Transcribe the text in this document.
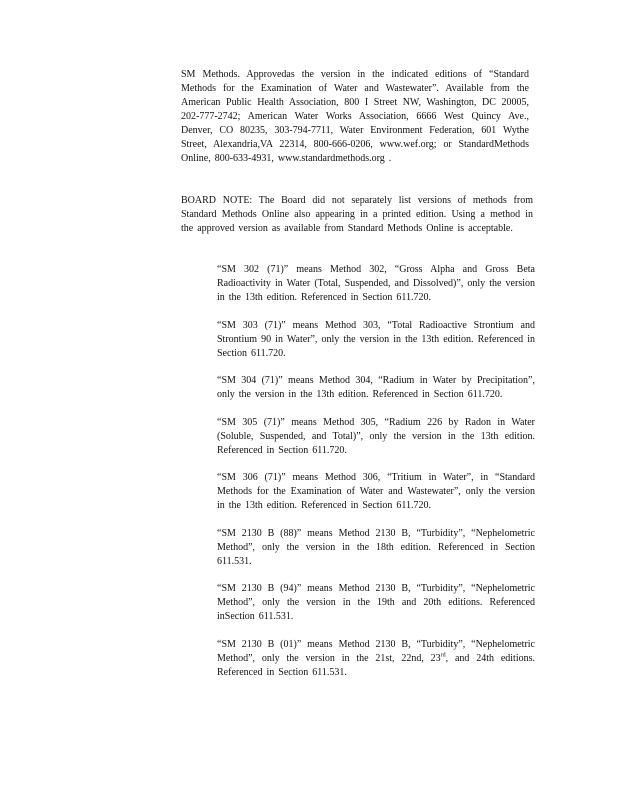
SM Methods. Approvedas the version in the indicated editions of “Standard Methods for the Examination of Water and Wastewater”. Available from the American Public Health Association, 800 I Street NW, Washington, DC 20005, 202-777-2742; American Water Works Association, 6666 West Quincy Ave., Denver, CO 80235, 303-794-7711, Water Environment Federation, 601 Wythe Street, Alexandria,VA 22314, 800-666-0206, www.wef.org; or StandardMethods Online, 800-633-4931, www.standardmethods.org .

BOARD NOTE: The Board did not separately list versions of methods from Standard Methods Online also appearing in a printed edition. Using a method in the approved version as available from Standard Methods Online is acceptable.

“SM 302 (71)” means Method 302, “Gross Alpha and Gross Beta Radioactivity in Water (Total, Suspended, and Dissolved)”, only the version in the 13th edition. Referenced in Section 611.720.

“SM 303 (71)” means Method 303, “Total Radioactive Strontium and Strontium 90 in Water”, only the version in the 13th edition. Referenced in Section 611.720.

“SM 304 (71)” means Method 304, “Radium in Water by Precipitation”, only the version in the 13th edition. Referenced in Section 611.720.

“SM 305 (71)” means Method 305, “Radium 226 by Radon in Water (Soluble, Suspended, and Total)”, only the version in the 13th edition. Referenced in Section 611.720.

“SM 306 (71)” means Method 306, “Tritium in Water”, in “Standard Methods for the Examination of Water and Wastewater”, only the version in the 13th edition. Referenced in Section 611.720.

“SM 2130 B (88)” means Method 2130 B, “Turbidity”, “Nephelometric Method”, only the version in the 18th edition. Referenced in Section 611.531.

“SM 2130 B (94)” means Method 2130 B, “Turbidity”, “Nephelometric Method”, only the version in the 19th and 20th editions. Referenced inSection 611.531.

“SM 2130 B (01)” means Method 2130 B, “Turbidity”, “Nephelometric Method”, only the version in the 21st, 22nd, 23rd, and 24th editions. Referenced in Section 611.531.
